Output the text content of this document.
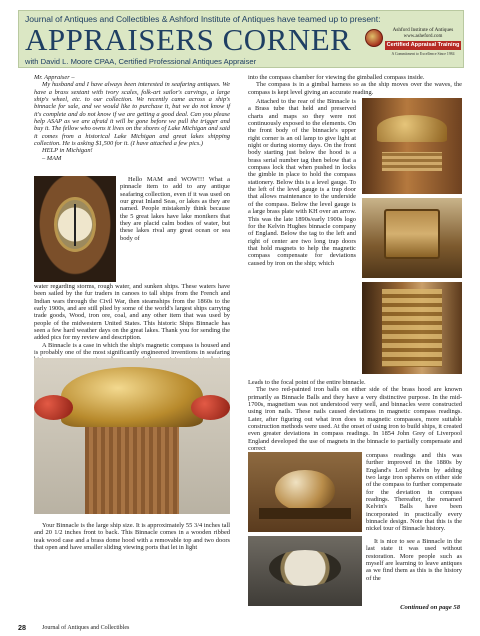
Journal of Antiques and Collectibles & Ashford Institute of Antiques have teamed up to present:
APPRAISERS CORNER
with David L. Moore CPAA, Certified Professional Antiques Appraiser
Ashford Institute of Antiques
www.asheford.com
Certified Appraisal Training
A Commitment to Excellence Since 1984

Mr. Appraiser –

My husband and I have always been interested in seafaring antiques. We have a brass sextant with ivory scales, folk-art sailor's carvings, a large ship's wheel, etc. to our collection. We recently came across a ship's binnacle for sale, and we would like to purchase it, but we do not know if it's complete and do not know if we are getting a good deal. Can you please help ASAP as we are afraid it will be gone before we pull the trigger and buy it. The fellow who owns it lives on the shores of Lake Michigan and said it comes from a historical Lake Michigan and great lakes shipping collection. He is asking $1,500 for it. (I have attached a few pics.)

HELP in Michigan!

– MAM

Hello MAM and WOW!!! What a pinnacle item to add to any antique seafaring collection, even if it was used on our great Inland Seas, or lakes as they are named. People mistakenly think because the 5 great lakes have lake monikers that they are placid calm bodies of water, but these lakes rival any great ocean or sea body of

water regarding storms, rough water, and sunken ships. These waters have been sailed by the fur traders in canoes to tall ships from the French and Indian wars through the Civil War, then steamships from the 1860s to the early 1900s, and are still plied by some of the world's largest ships carrying trade goods, Wood, iron ore, coal, and any other item that was used by people of the midwestern United States. This historic Ships Binnacle has seen a few hard weather days on the great lakes. Thank you for sending the added pics for my review and description.

A Binnacle is a case in which the ship's magnetic compass is housed and is probably one of the most significantly engineered inventions in seafaring

Your Binnacle is the large ship size. It is approximately 55 3/4 inches tall and 20 1/2 inches front to back. This Binnacle comes in a wooden ribbed teak wood case and a brass dome hood with a removable top and two doors that open and have smaller sliding viewing ports that let in light

into the compass chamber for viewing the gimballed compass inside.

The compass is in a gimbal harness so as the ship moves over the waves, the compass is kept level giving an accurate reading.

Attached to the rear of the Binnacle is a Brass tube that held and preserved charts and maps so they were not continuously exposed to the elements. On the front body of the binnacle's upper right corner is an oil lamp to give light at night or during stormy days. On the front body starting just below the hood is a brass serial number tag then below that a compass lock that when pushed in locks the gimble in place to hold the compass stationery. Below this is a level gauge. To the left of the level gauge is a trap door that allows maintenance to the underside of the compass. Below the level gauge is a large brass plate with KH over an arrow. This was the late 1890s/early 1900s logo for the Kelvin Hughes binnacle company of England. Below the tag to the left and right of center are two long trap doors that hold magnets to help the magnetic compass compensate for deviations caused by iron on the ship; which

Leads to the focal point of the entire binnacle.

The two red-painted iron balls on either side of the brass hood are known primarily as Binnacle Balls and they have a very distinctive purpose. In the mid-1700s, magnetism was not understood very well, and binnacles were constructed using iron nails. These nails caused deviations in magnetic compass readings. Later, after figuring out what iron does to magnetic compasses, more suitable construction methods were used. At the onset of using iron to build ships, it created even greater deviations in compass readings. In 1854 John Grey of Liverpool England developed the use of magnets in the binnacle to partially compensate and correct

compass readings and this was further improved in the 1880s by England's Lord Kelvin by adding two large iron spheres on either side of the compass to further compensate for the deviation in compass readings. Thereafter, the renamed Kelvin's Balls have been incorporated in practically every binnacle design. Note that this is the nickel tour of Binnacle history.

It is nice to see a Binnacle in the last state it was used without restoration. More people such as myself are learning to leave antiques as we find them as this is the history of the

Continued on page 58
28	Journal of Antiques and Collectibles
